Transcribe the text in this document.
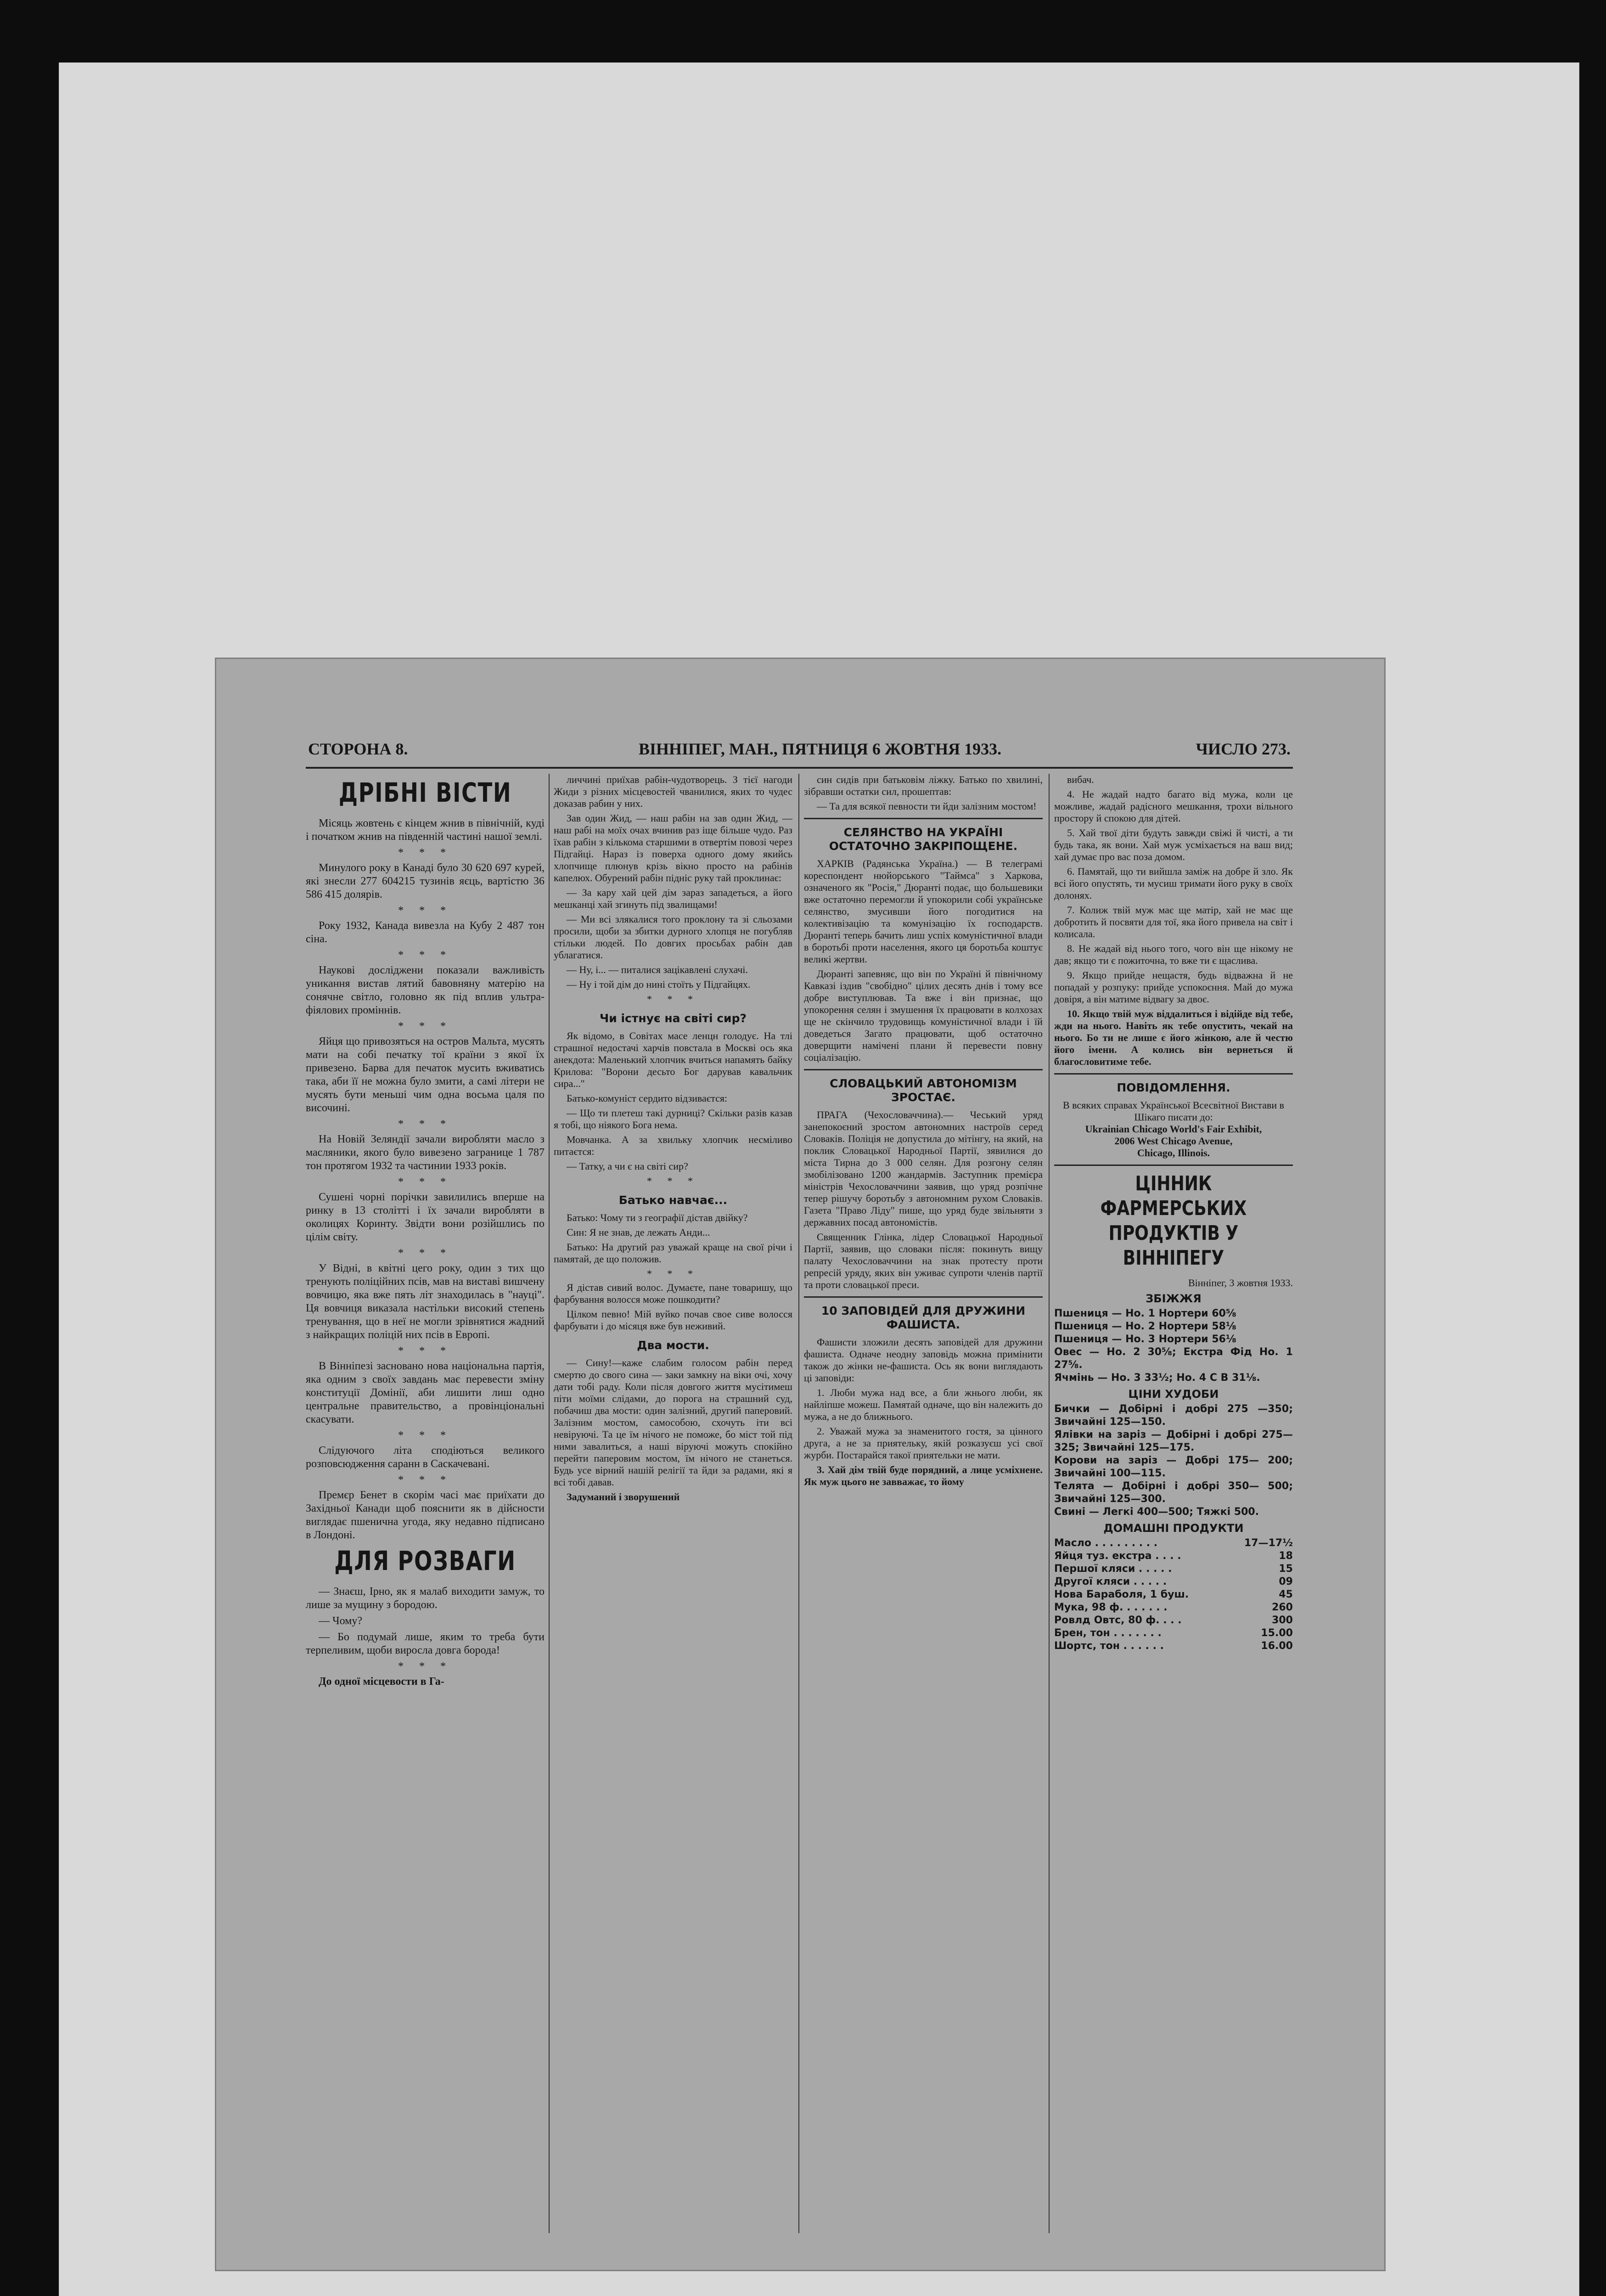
СТОРОНА 8.	ВІННІПЕГ, МАН., ПЯТНИЦЯ 6 ЖОВТНЯ 1933.	ЧИСЛО 273.
ДРІБНІ ВІСТИ

Місяць жовтень є кінцем жнив в північній, куді і початком жнив на південній частині нашої землі.

* * *

Минулого року в Канаді було 30 620 697 курей, які знесли 277 604215 тузинів яєць, вартістю 36 586 415 долярів.

* * *

Року 1932, Канада вивезла на Кубу 2 487 тон сіна.

* * *

Наукові досліджени показали важливість уникання вистав лятий бавовняну матерію на сонячне світло, головно як під вплив ультра-фіялових проміннів.

* * *

Яйця що привозяться на остров Мальта, мусять мати на собі печатку тої країни з якої їх привезено. Барва для печаток мусить вживатись така, аби її не можна було змити, а самі літери не мусять бути меньші чим одна восьма цаля по височині.

* * *

На Новій Зеляндії зачали виробляти масло з масляники, якого було вивезено загранице 1 787 тон протягом 1932 та частинии 1933 років.

* * *

Сушені чорні порічки завилились вперше на ринку в 13 столітті і їх зачали виробляти в околицях Коринту. Звідти вони розійшлись по цілім світу.

* * *

У Відні, в квітні цего року, один з тих що тренують поліційних псів, мав на виставі вишчену вовчицю, яка вже пять літ знаходилась в "науці". Ця вовчиця виказала настільки високий степень тренування, що в неї не могли зрівнятися жадний з найкращих поліцій них псів в Европі.

* * *

В Вінніпезі засновано нова національна партія, яка одним з своїх завдань має перевести зміну конституції Домінії, аби лишити лиш одно центральне правительство, а провінціональні скасувати.

* * *

Слідуючого літа сподіються великого розповсюдження саранн в Саскачевані.

* * *

Премєр Бенет в скорім часі має приїхати до Західньої Канади щоб пояснити як в дійсности виглядає пшенична угода, яку недавно підписано в Лондоні.

ДЛЯ РОЗВАГИ

— Знаєш, Ірно, як я малаб виходити замуж, то лише за мущину з бородою.

— Чому?

— Бо подумай лише, яким то треба бути терпеливим, щоби виросла довга борода!

* * *

До одної місцевости в Га-

личчині приїхав рабін-чудотворець. З тієї нагоди Жиди з різних місцевостей чванилися, яких то чудес доказав рабин у них.

Зав один Жид, — наш рабін на зав один Жид, — наш рабі на моїх очах вчинив раз іще більше чудо. Раз їхав рабін з кількома старшими в отвертім повозі через Підгайці. Нараз із поверха одного дому якийсь хлопчище плюнув крізь вікно просто на рабінів капелюх. Обурений рабін підніс руку тай проклинає:

— За кару хай цей дім зараз западеться, а його мешканці хай згинуть під звалищами!

— Ми всі злякалися того проклону та зі сльозами просили, щоби за збитки дурного хлопця не погубляв стільки людей. По довгих просьбах рабін дав ублагатися.

— Ну, і... — питалися зацікавлені слухачі.

— Ну і той дім до нині стоїть у Підгайцях.

* * *
Чи істнує на світі сир?

Як відомо, в Совітах масе ленцн голодує. На тлі страшної недостачі харчів повстала в Москві ось яка анекдота: Маленький хлопчик вчиться напамять байку Крилова: "Ворони десьто Бог дарував кавальчик сира..."

Батько-комуніст сердито відзиваєтся:

— Що ти плетеш такі дурниці? Скільки разів казав я тобі, що ніякого Бога нема.

Мовчанка. А за хвильку хлопчик несміливо питаєтся:

— Татку, а чи є на світі сир?

* * *
Батько навчає...

Батько: Чому ти з географії дістав двійку?

Син: Я не знав, де лежать Анди...

Батько: На другий раз уважай краще на свої річи і памятай, де що положив.

* * *

Я дістав сивий волос. Думаєте, пане товаришу, що фарбування волосся може пошкодити?

Цілком певно! Мій вуйко почав свое сиве волосся фарбувати і до місяця вже був неживий.

Два мости.

— Сину!—каже слабим голосом рабін перед смертю до свого сина — заки замкну на віки очі, хочу дати тобі раду. Коли після довгого життя мусітимеш піти моїми слідами, до порога на страшний суд, побачиш два мости: один залізний, другий паперовий. Залізним мостом, самособою, схочуть іти всі невіруючі. Та це їм нічого не поможе, бо міст той під ними завалиться, а наші віруючі можуть спокійно перейти паперовим мостом, їм нічого не станеться. Будь усе вірний нашій релігії та йди за радами, які я всі тобі давав.

Задуманий і зворушений

син сидів при батьковім ліжку. Батько по хвилині, зібравши остатки сил, прошептав:

— Та для всякої певности ти йди залізним мостом!

СЕЛЯНСТВО НА УКРАЇНІ ОСТАТОЧНО ЗАКРІПОЩЕНЕ.

ХАРКІВ (Радянська Україна.) — В телеграмі кореспондент нюйорського "Таймса" з Харкова, означеного як "Росія," Дюранті подає, що большевики вже остаточно перемогли й упокорили собі українське селянство, змусивши його погодитися на колективізацію та комунізацію їх господарств. Дюранті теперь бачить лиш успіх комуністичної влади в боротьбі проти населення, якого ця боротьба коштує великі жертви.

Дюранті запевняє, що він по Україні й північному Кавказі іздив "свобідно" цілих десять днів і тому все добре виступлював. Та вже і він признає, що упокорення селян і змушення їх працювати в колхозах ще не скінчило трудовищь комуністичної влади і їй доведеться Загато працювати, щоб остаточно доверщити намічені плани й перевести повну соціалізацію.

СЛОВАЦЬКИЙ АВТОНОМІЗМ ЗРОСТАЄ.

ПРАГА (Чехословаччина).— Чеський уряд занепокоєний зростом автономних настроїв серед Словаків. Поліція не допустила до мітінгу, на який, на поклик Словацької Народньої Партії, зявилися до міста Тирна до 3 000 селян. Для розгону селян змобілізовано 1200 жандармів. Заступник премієра міністрів Чехословаччини заявив, що уряд розпічне тепер рішучу боротьбу з автономним рухом Словаків. Газета "Право Ліду" пише, що уряд буде звільняти з державних посад автономістів.

Священник Глінка, лідер Словацької Народньої Партії, заявив, що словаки після: покинуть вищу палату Чехословаччини на знак протесту проти репресій уряду, яких він уживає супроти членів партії та проти словацької преси.

10 ЗАПОВІДЕЙ ДЛЯ ДРУЖИНИ ФАШИСТА.

Фашисти зложили десять заповідей для дружини фашиста. Одначе неодну заповідь можна примінити також до жінки не-фашиста. Ось як вони виглядають ці заповіди:

1. Люби мужа над все, а бли жнього люби, як найліпше можеш. Памятай одначе, що він належить до мужа, а не до ближнього.

2. Уважай мужа за знаменитого гостя, за цінного друга, а не за приятельку, якій розказуєш усі свої журби. Постарайся такої приятельки не мати.

3. Хай дім твій буде порядний, а лице усміхнене. Як муж цього не завважає, то йому

вибач.

4. Не жадай надто багато від мужа, коли це можливе, жадай радісного мешкання, трохи вільного простору й спокою для дітей.

5. Хай твої діти будуть завжди свіжі й чисті, а ти будь така, як вони. Хай муж усміхається на ваш вид; хай думає про вас поза домом.

6. Памятай, що ти вийшла заміж на добре й зло. Як всі його опустять, ти мусиш тримати його руку в своїх долонях.

7. Колиж твій муж має ще матір, хай не має ще добротить й посвяти для тої, яка його привела на світ і колисала.

8. Не жадай від нього того, чого він ще нікому не дав; якщо ти є пожиточна, то вже ти є щаслива.

9. Якщо прийде нещастя, будь відважна й не попадай у розпуку: прийде успокоєння. Май до мужа довіря, а він матиме відвагу за двоє.

10. Якщо твій муж віддалиться і відійде від тебе, жди на нього. Навіть як тебе опустить, чекай на нього. Бо ти не лише є його жінкою, але й честю його імени. А колись він вернеться й благословитиме тебе.

ПОВІДОМЛЕННЯ.
В всяких справах Української Всесвітної Вистави в Шікаго писати до:
Ukrainian Chicago World's Fair Exhibit,
2006 West Chicago Avenue,
Chicago, Illinois.
ЦІННИК ФАРМЕРСЬКИХ ПРОДУКТІВ У ВІННІПЕГУ
Вінніпег, 3 жовтня 1933.
ЗБІЖЖЯ
Пшениця — Но. 1 Нортери 60⅝
Пшениця — Но. 2 Нортери 58⅛
Пшениця — Но. 3 Нортери 56⅛
Овес — Но. 2 30⅝; Екстра Фід Но. 1 27⅝.
Ячмінь — Но. 3 33½; Но. 4 С В 31⅛.
ЦІНИ ХУДОБИ
Бички — Добірні і добрі 275 —350; Звичайні 125—150.
Ялівки на заріз — Добірні і добрі 275—325; Звичайні 125—175.
Корови на заріз — Добрі 175— 200; Звичайні 100—115.
Телята — Добірні і добрі 350— 500; Звичайні 125—300.
Свині — Легкі 400—500; Тяжкі 500.
ДОМАШНІ ПРОДУКТИ
Масло . . . . . . . . .	17—17½
Яйця туз. екстра . . . .	18
Першої кляси . . . . .	15
Другої кляси . . . . .	09
Нова Бараболя, 1 буш.	45
Мука, 98 ф. . . . . . .	260
Ровлд Овтс, 80 ф. . . .	300
Брен, тон . . . . . . .	15.00
Шортс, тон . . . . . .	16.00
